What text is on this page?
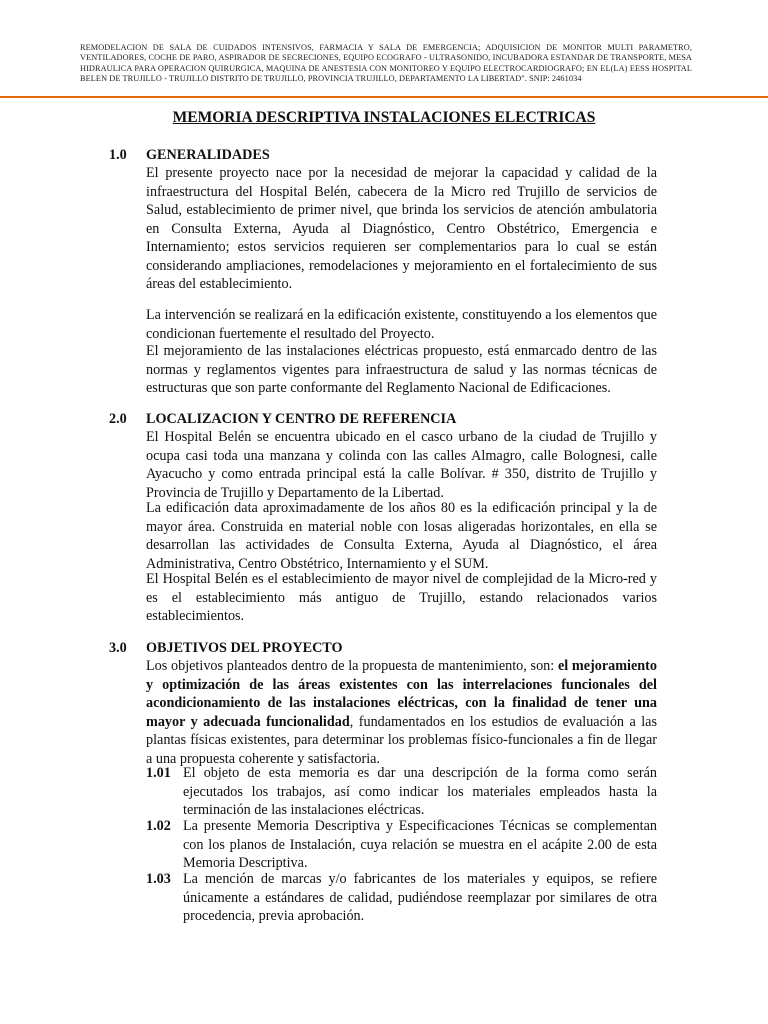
REMODELACION DE SALA DE CUIDADOS INTENSIVOS, FARMACIA Y SALA DE EMERGENCIA; ADQUISICION DE MONITOR MULTI PARAMETRO, VENTILADORES, COCHE DE PARO, ASPIRADOR DE SECRECIONES, EQUIPO ECOGRAFO - ULTRASONIDO, INCUBADORA ESTANDAR DE TRANSPORTE, MESA HIDRAULICA PARA OPERACION QUIRURGICA, MAQUINA DE ANESTESIA CON MONITOREO Y EQUIPO ELECTROCARDIOGRAFO; EN EL(LA) EESS HOSPITAL BELEN DE TRUJILLO - TRUJILLO DISTRITO DE TRUJILLO, PROVINCIA TRUJILLO, DEPARTAMENTO LA LIBERTAD". SNIP: 2461034
MEMORIA DESCRIPTIVA INSTALACIONES ELECTRICAS
1.0 GENERALIDADES

El presente proyecto nace por la necesidad de mejorar la capacidad y calidad de la infraestructura del Hospital Belén, cabecera de la Micro red Trujillo de servicios de Salud, establecimiento de primer nivel, que brinda los servicios de atención ambulatoria en Consulta Externa, Ayuda al Diagnóstico, Centro Obstétrico, Emergencia e Internamiento; estos servicios requieren ser complementarios para lo cual se están considerando ampliaciones, remodelaciones y mejoramiento en el fortalecimiento de sus áreas del establecimiento.

La intervención se realizará en la edificación existente, constituyendo a los elementos que condicionan fuertemente el resultado del Proyecto.

El mejoramiento de las instalaciones eléctricas propuesto, está enmarcado dentro de las normas y reglamentos vigentes para infraestructura de salud y las normas técnicas de estructuras que son parte conformante del Reglamento Nacional de Edificaciones.

2.0 LOCALIZACION Y CENTRO DE REFERENCIA

El Hospital Belén se encuentra ubicado en el casco urbano de la ciudad de Trujillo y ocupa casi toda una manzana y colinda con las calles Almagro, calle Bolognesi, calle Ayacucho y como entrada principal está la calle Bolívar. # 350, distrito de Trujillo y Provincia de Trujillo y Departamento de la Libertad.

La edificación data aproximadamente de los años 80 es la edificación principal y la de mayor área. Construida en material noble con losas aligeradas horizontales, en ella se desarrollan las actividades de Consulta Externa, Ayuda al Diagnóstico, el área Administrativa, Centro Obstétrico, Internamiento y el SUM.

El Hospital Belén es el establecimiento de mayor nivel de complejidad de la Micro-red y es el establecimiento más antiguo de Trujillo, estando relacionados varios establecimientos.

3.0 OBJETIVOS DEL PROYECTO

Los objetivos planteados dentro de la propuesta de mantenimiento, son: el mejoramiento y optimización de las áreas existentes con las interrelaciones funcionales del acondicionamiento de las instalaciones eléctricas, con la finalidad de tener una mayor y adecuada funcionalidad, fundamentados en los estudios de evaluación a las plantas físicas existentes, para determinar los problemas físico-funcionales a fin de llegar a una propuesta coherente y satisfactoria.

1.01 El objeto de esta memoria es dar una descripción de la forma como serán ejecutados los trabajos, así como indicar los materiales empleados hasta la terminación de las instalaciones eléctricas.

1.02 La presente Memoria Descriptiva y Especificaciones Técnicas se complementan con los planos de Instalación, cuya relación se muestra en el acápite 2.00 de esta Memoria Descriptiva.

1.03 La mención de marcas y/o fabricantes de los materiales y equipos, se refiere únicamente a estándares de calidad, pudiéndose reemplazar por similares de otra procedencia, previa aprobación.
